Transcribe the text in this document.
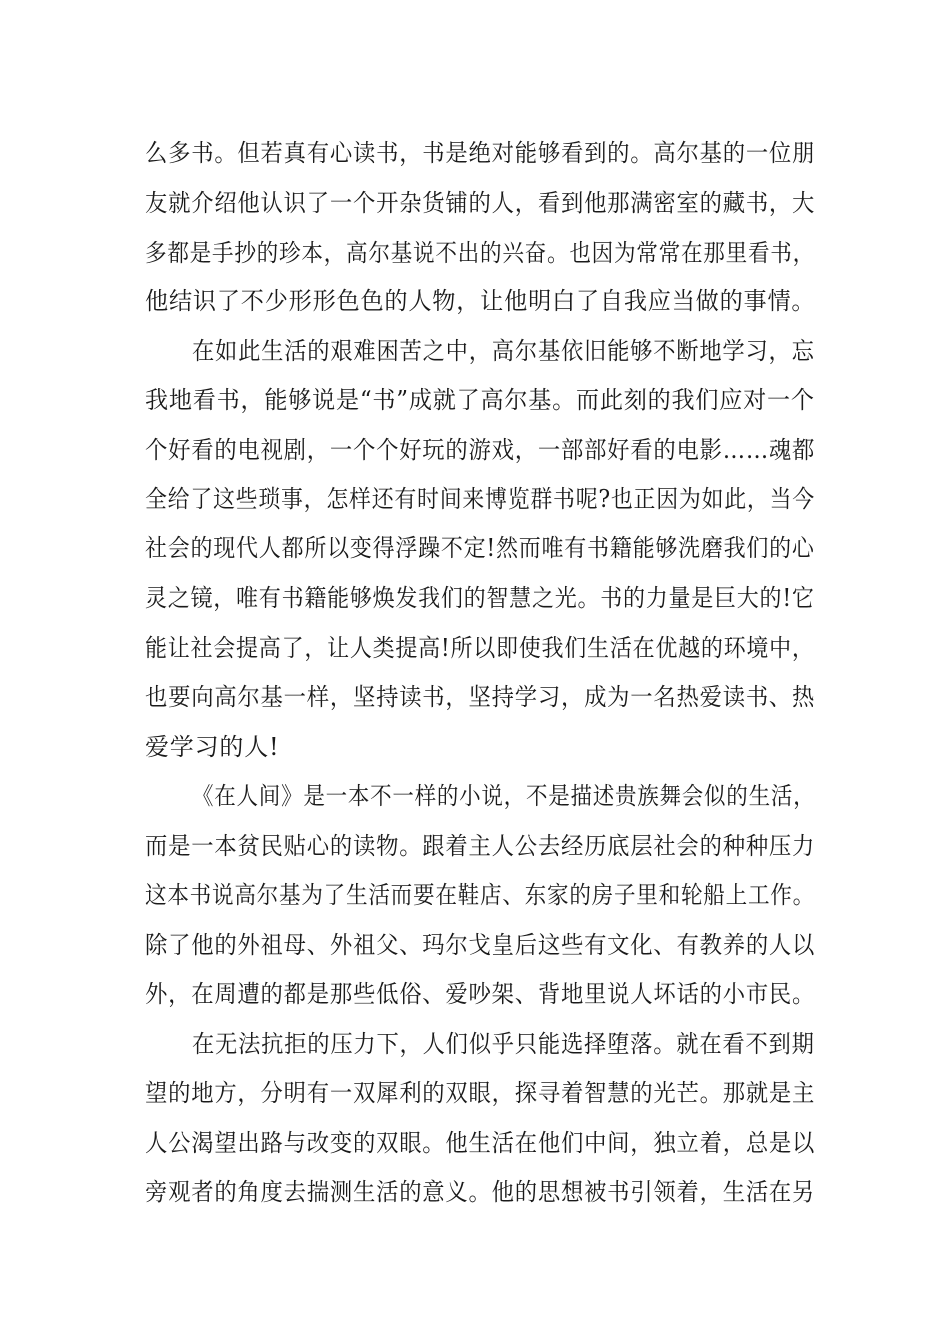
么多书。但若真有心读书，书是绝对能够看到的。高尔基的一位朋
友就介绍他认识了一个开杂货铺的人，看到他那满密室的藏书，大
多都是手抄的珍本，高尔基说不出的兴奋。也因为常常在那里看书，
他结识了不少形形色色的人物，让他明白了自我应当做的事情。
在如此生活的艰难困苦之中，高尔基依旧能够不断地学习，忘
我地看书，能够说是“书”成就了高尔基。而此刻的我们应对一个
个好看的电视剧，一个个好玩的游戏，一部部好看的电影……魂都
全给了这些琐事，怎样还有时间来博览群书呢?也正因为如此，当今
社会的现代人都所以变得浮躁不定!然而唯有书籍能够洗磨我们的心
灵之镜，唯有书籍能够焕发我们的智慧之光。书的力量是巨大的!它
能让社会提高了，让人类提高!所以即使我们生活在优越的环境中，
也要向高尔基一样，坚持读书，坚持学习，成为一名热爱读书、热
爱学习的人!
《在人间》是一本不一样的小说，不是描述贵族舞会似的生活，
而是一本贫民贴心的读物。跟着主人公去经历底层社会的种种压力
这本书说高尔基为了生活而要在鞋店、东家的房子里和轮船上工作。
除了他的外祖母、外祖父、玛尔戈皇后这些有文化、有教养的人以
外，在周遭的都是那些低俗、爱吵架、背地里说人坏话的小市民。
在无法抗拒的压力下，人们似乎只能选择堕落。就在看不到期
望的地方，分明有一双犀利的双眼，探寻着智慧的光芒。那就是主
人公渴望出路与改变的双眼。他生活在他们中间，独立着，总是以
旁观者的角度去揣测生活的意义。他的思想被书引领着，生活在另
